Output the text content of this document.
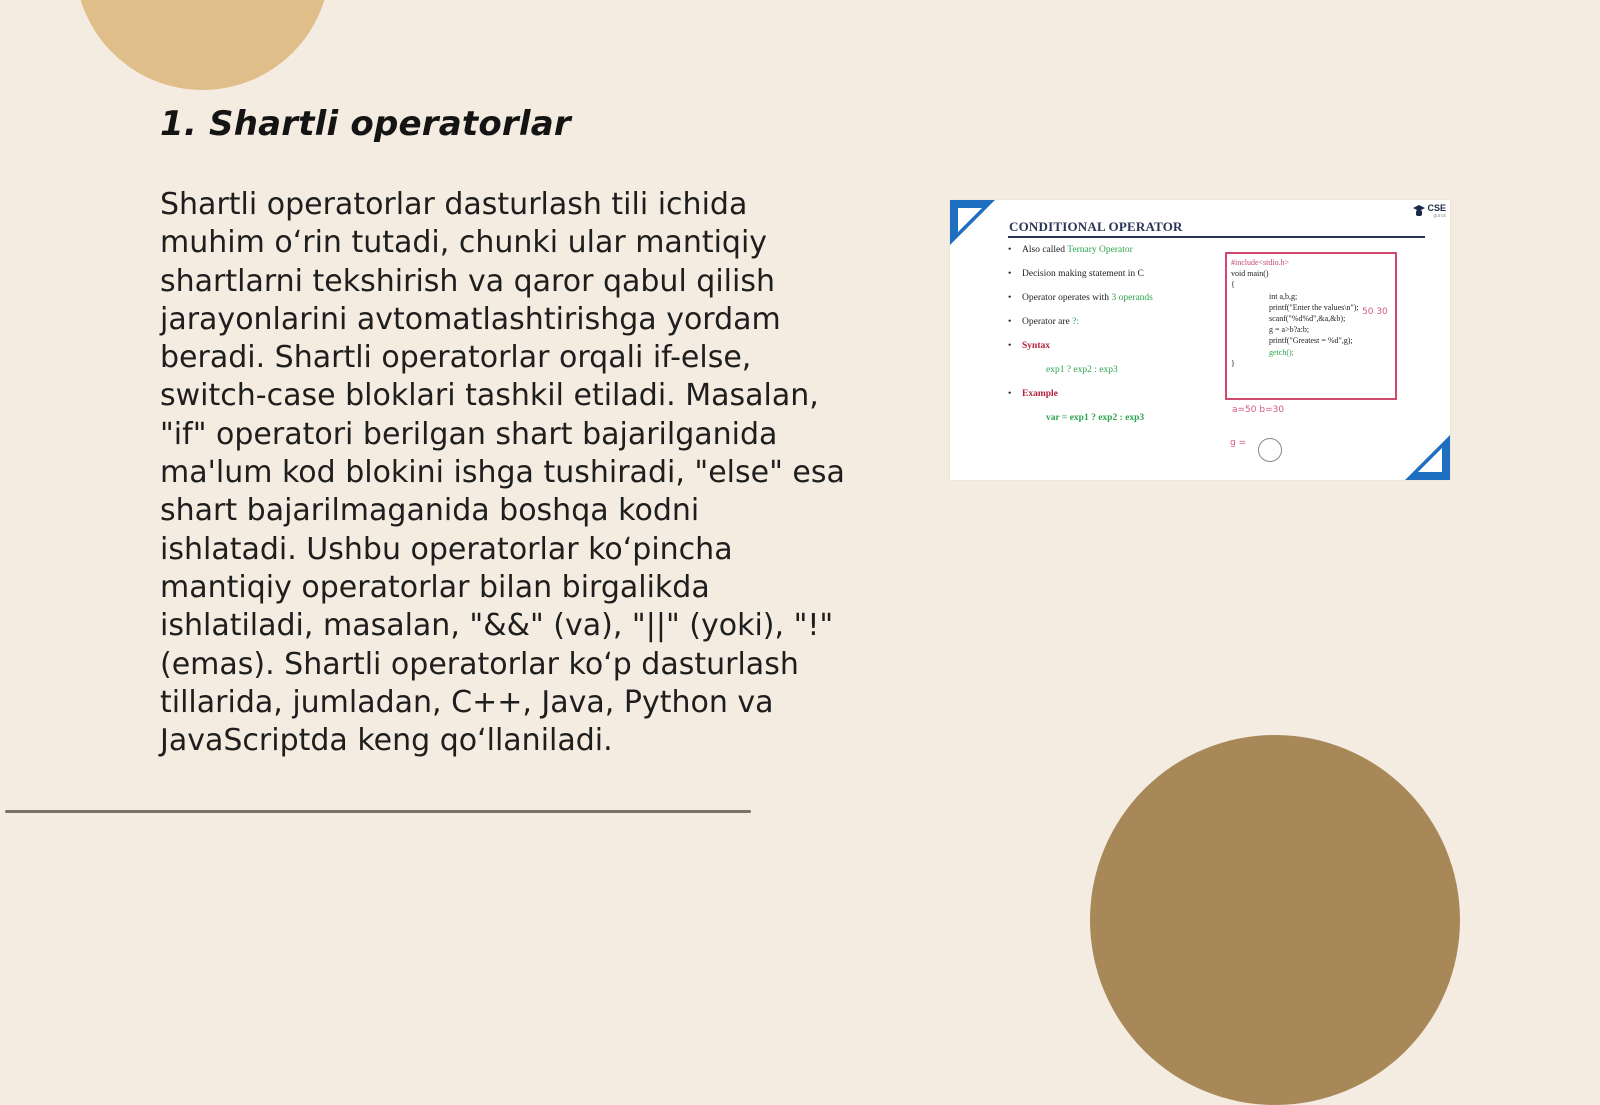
1. Shartli operatorlar

Shartli operatorlar dasturlash tili ichida muhim o‘rin tutadi, chunki ular mantiqiy shartlarni tekshirish va qaror qabul qilish jarayonlarini avtomatlashtirishga yordam beradi. Shartli operatorlar orqali if-else, switch-case bloklari tashkil etiladi. Masalan, "if" operatori berilgan shart bajarilganida ma'lum kod blokini ishga tushiradi, "else" esa shart bajarilmaganida boshqa kodni ishlatadi. Ushbu operatorlar ko‘pincha mantiqiy operatorlar bilan birgalikda ishlatiladi, masalan, "&&" (va), "||" (yoki), "!" (emas). Shartli operatorlar ko‘p dasturlash tillarida, jumladan, C++, Java, Python va JavaScriptda keng qo‘llaniladi.

CSE
gurus
CONDITIONAL OPERATOR
• Also called Ternary Operator
• Decision making statement in C
• Operator operates with 3 operands
• Operator are ?:
• Syntax
exp1 ? exp2 : exp3
• Example
var = exp1 ? exp2 : exp3
#include<stdio.h>
void main()
{
int a,b,g;
printf("Enter the values\n");
scanf("%d%d",&a,&b);
g = a>b?a:b;
printf("Greatest = %d",g);
getch();
}
50 30
a=50 b=30
g =
